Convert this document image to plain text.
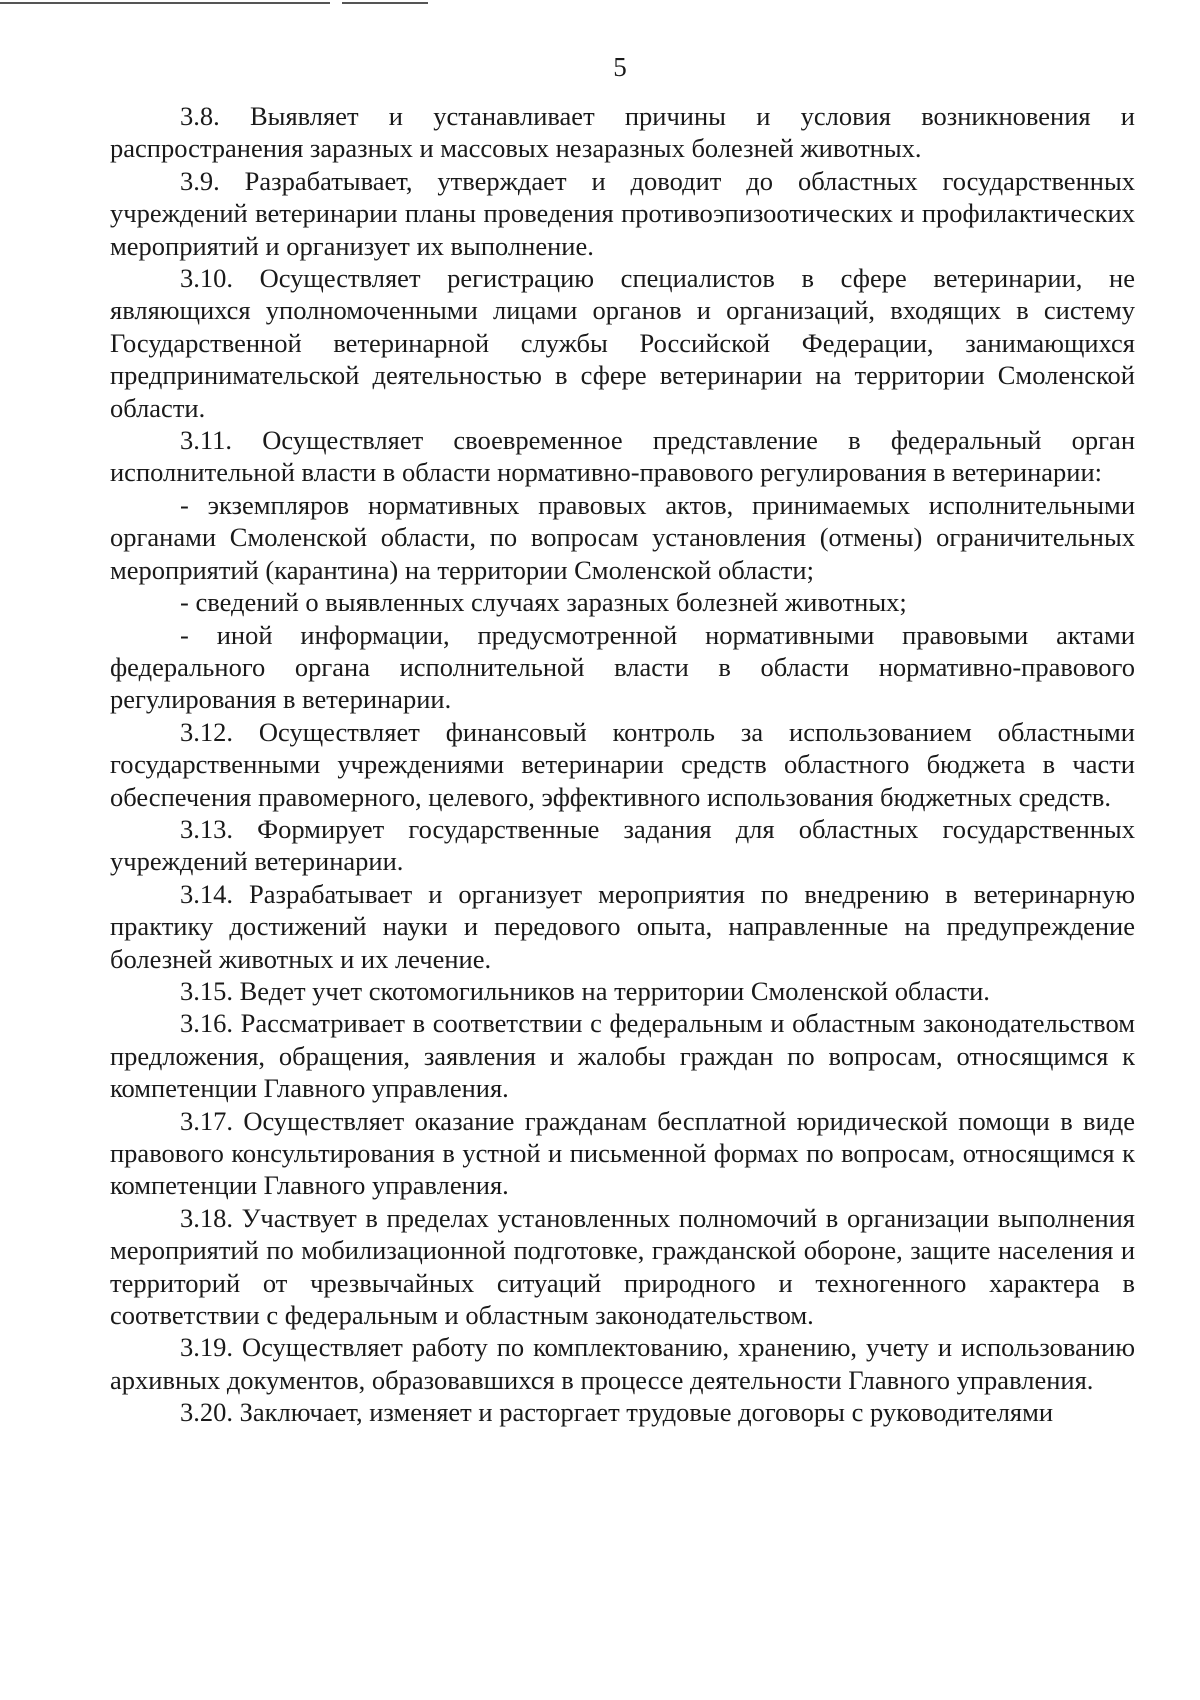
5

3.8. Выявляет и устанавливает причины и условия возникновения и распространения заразных и массовых незаразных болезней животных.

3.9. Разрабатывает, утверждает и доводит до областных государственных учреждений ветеринарии планы проведения противоэпизоотических и профилактических мероприятий и организует их выполнение.

3.10. Осуществляет регистрацию специалистов в сфере ветеринарии, не являющихся уполномоченными лицами органов и организаций, входящих в систему Государственной ветеринарной службы Российской Федерации, занимающихся предпринимательской деятельностью в сфере ветеринарии на территории Смоленской области.

3.11. Осуществляет своевременное представление в федеральный орган исполнительной власти в области нормативно-правового регулирования в ветеринарии:

- экземпляров нормативных правовых актов, принимаемых исполнительными органами Смоленской области, по вопросам установления (отмены) ограничительных мероприятий (карантина) на территории Смоленской области;

- сведений о выявленных случаях заразных болезней животных;

- иной информации, предусмотренной нормативными правовыми актами федерального органа исполнительной власти в области нормативно-правового регулирования в ветеринарии.

3.12. Осуществляет финансовый контроль за использованием областными государственными учреждениями ветеринарии средств областного бюджета в части обеспечения правомерного, целевого, эффективного использования бюджетных средств.

3.13. Формирует государственные задания для областных государственных учреждений ветеринарии.

3.14. Разрабатывает и организует мероприятия по внедрению в ветеринарную практику достижений науки и передового опыта, направленные на предупреждение болезней животных и их лечение.

3.15. Ведет учет скотомогильников на территории Смоленской области.

3.16. Рассматривает в соответствии с федеральным и областным законодательством предложения, обращения, заявления и жалобы граждан по вопросам, относящимся к компетенции Главного управления.

3.17. Осуществляет оказание гражданам бесплатной юридической помощи в виде правового консультирования в устной и письменной формах по вопросам, относящимся к компетенции Главного управления.

3.18. Участвует в пределах установленных полномочий в организации выполнения мероприятий по мобилизационной подготовке, гражданской обороне, защите населения и территорий от чрезвычайных ситуаций природного и техногенного характера в соответствии с федеральным и областным законодательством.

3.19. Осуществляет работу по комплектованию, хранению, учету и использованию архивных документов, образовавшихся в процессе деятельности Главного управления.

3.20. Заключает, изменяет и расторгает трудовые договоры с руководителями
